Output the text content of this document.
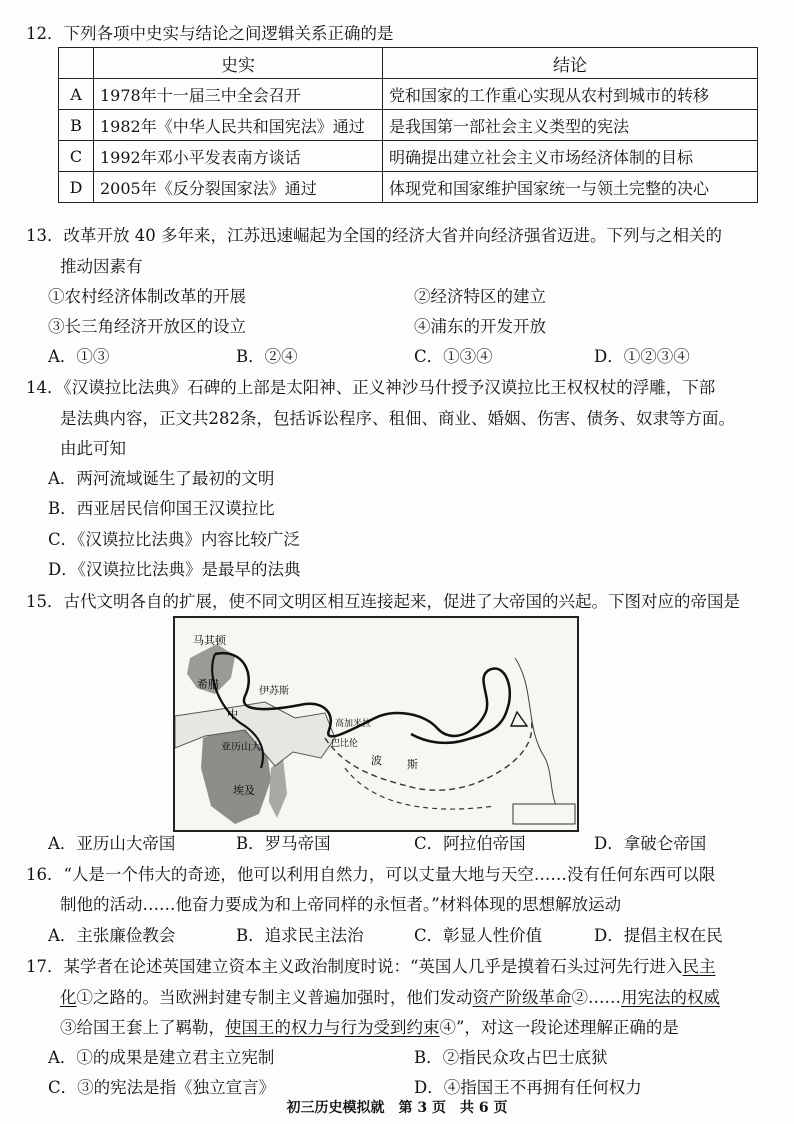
12．下列各项中史实与结论之间逻辑关系正确的是
	史实	结论
A	1978年十一届三中全会召开	党和国家的工作重心实现从农村到城市的转移
B	1982年《中华人民共和国宪法》通过	是我国第一部社会主义类型的宪法
C	1992年邓小平发表南方谈话	明确提出建立社会主义市场经济体制的目标
D	2005年《反分裂国家法》通过	体现党和国家维护国家统一与领土完整的决心
13．改革开放 40 多年来，江苏迅速崛起为全国的经济大省并向经济强省迈进。下列与之相关的
推动因素有
①农村经济体制改革的开展	②经济特区的建立
③长三角经济开放区的设立	④浦东的开发开放
A．①③	B．②④	C．①③④	D．①②③④
14．《汉谟拉比法典》石碑的上部是太阳神、正义神沙马什授予汉谟拉比王权权杖的浮雕，下部
是法典内容，正文共282条，包括诉讼程序、租佃、商业、婚姻、伤害、债务、奴隶等方面。
由此可知
A．两河流域诞生了最初的文明
B．西亚居民信仰国王汉谟拉比
C．《汉谟拉比法典》内容比较广泛
D．《汉谟拉比法典》是最早的法典
15．古代文明各自的扩展，使不同文明区相互连接起来，促进了大帝国的兴起。下图对应的帝国是
马其顿
希腊
伊苏斯
中
亚历山大
埃及
高加米拉
巴比伦
波 斯
A．亚历山大帝国	B．罗马帝国	C．阿拉伯帝国	D．拿破仑帝国
16．“人是一个伟大的奇迹，他可以利用自然力，可以丈量大地与天空……没有任何东西可以限
制他的活动……他奋力要成为和上帝同样的永恒者。”材料体现的思想解放运动
A．主张廉俭教会	B．追求民主法治	C．彰显人性价值	D．提倡主权在民
17．某学者在论述英国建立资本主义政治制度时说：“英国人几乎是摸着石头过河先行进入民主
化①之路的。当欧洲封建专制主义普遍加强时，他们发动资产阶级革命②……用宪法的权威
③给国王套上了羁勒，使国王的权力与行为受到约束④”，对这一段论述理解正确的是
A．①的成果是建立君主立宪制	B．②指民众攻占巴士底狱
C．③的宪法是指《独立宣言》	D．④指国王不再拥有任何权力
初三历史模拟就　第 3 页　共 6 页
